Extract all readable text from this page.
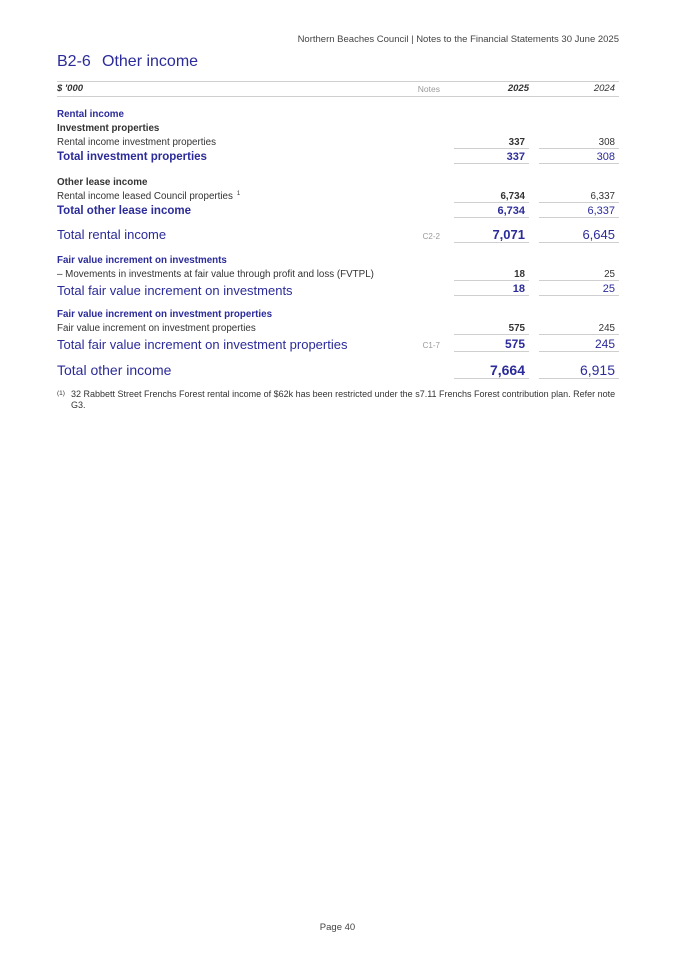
Northern Beaches Council | Notes to the Financial Statements 30 June 2025
B2-6 Other income
$ '000	Notes	2025	2024
Rental income
Investment properties
Rental income investment properties	337	308
Total investment properties	337	308
Other lease income
Rental income leased Council properties $^1$	6,734	6,337
Total other lease income	6,734	6,337
Total rental income	C2-2	7,071	6,645
Fair value increment on investments
– Movements in investments at fair value through profit and loss (FVTPL)	18	25
Total fair value increment on investments	18	25
Fair value increment on investment properties
Fair value increment on investment properties	575	245
Total fair value increment on investment properties	C1-7	575	245
Total other income	7,664	6,915
(1) 32 Rabbett Street Frenchs Forest rental income of $62k has been restricted under the s7.11 Frenchs Forest contribution plan. Refer note G3.
Page 40
